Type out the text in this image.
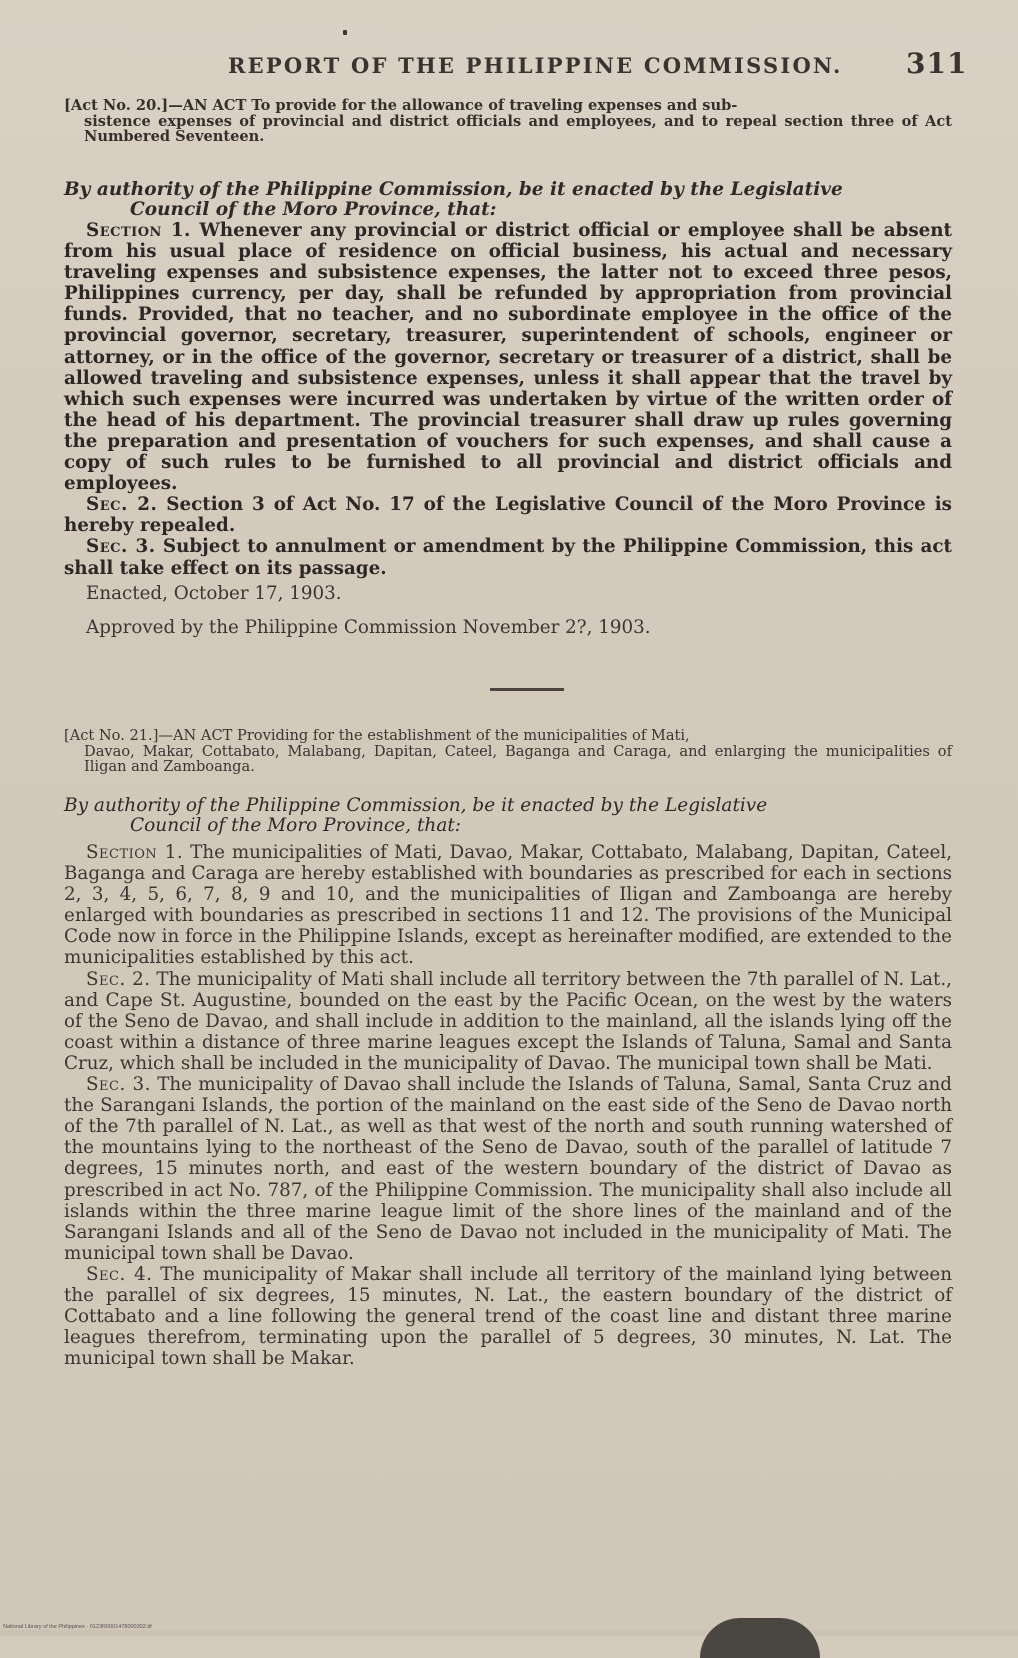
REPORT OF THE PHILIPPINE COMMISSION. 311

[Act No. 20.]—AN ACT To provide for the allowance of traveling expenses and sub-
sistence expenses of provincial and district officials and employees, and to repeal section three of Act Numbered Seventeen.

By authority of the Philippine Commission, be it enacted by the Legislative
Council of the Moro Province, that:

Section 1. Whenever any provincial or district official or employee shall be absent from his usual place of residence on official business, his actual and necessary traveling expenses and subsistence expenses, the latter not to exceed three pesos, Philippines currency, per day, shall be refunded by appropriation from provincial funds. Provided, that no teacher, and no subordinate employee in the office of the provincial governor, secretary, treasurer, superintendent of schools, engineer or attorney, or in the office of the governor, secretary or treasurer of a district, shall be allowed traveling and subsistence expenses, unless it shall appear that the travel by which such expenses were incurred was undertaken by virtue of the written order of the head of his department. The provincial treasurer shall draw up rules governing the preparation and presentation of vouchers for such expenses, and shall cause a copy of such rules to be furnished to all provincial and district officials and employees.

Sec. 2. Section 3 of Act No. 17 of the Legislative Council of the Moro Province is hereby repealed.

Sec. 3. Subject to annulment or amendment by the Philippine Commission, this act shall take effect on its passage.

Enacted, October 17, 1903.

Approved by the Philippine Commission November 2?, 1903.

[Act No. 21.]—AN ACT Providing for the establishment of the municipalities of Mati,
Davao, Makar, Cottabato, Malabang, Dapitan, Cateel, Baganga and Caraga, and enlarging the municipalities of Iligan and Zamboanga.

By authority of the Philippine Commission, be it enacted by the Legislative
Council of the Moro Province, that:

Section 1. The municipalities of Mati, Davao, Makar, Cottabato, Malabang, Dapitan, Cateel, Baganga and Caraga are hereby established with boundaries as prescribed for each in sections 2, 3, 4, 5, 6, 7, 8, 9 and 10, and the municipalities of Iligan and Zamboanga are hereby enlarged with boundaries as prescribed in sections 11 and 12. The provisions of the Municipal Code now in force in the Philippine Islands, except as hereinafter modified, are extended to the municipalities established by this act.

Sec. 2. The municipality of Mati shall include all territory between the 7th parallel of N. Lat., and Cape St. Augustine, bounded on the east by the Pacific Ocean, on the west by the waters of the Seno de Davao, and shall include in addition to the mainland, all the islands lying off the coast within a distance of three marine leagues except the Islands of Taluna, Samal and Santa Cruz, which shall be included in the municipality of Davao. The municipal town shall be Mati.

Sec. 3. The municipality of Davao shall include the Islands of Taluna, Samal, Santa Cruz and the Sarangani Islands, the portion of the mainland on the east side of the Seno de Davao north of the 7th parallel of N. Lat., as well as that west of the north and south running watershed of the mountains lying to the northeast of the Seno de Davao, south of the parallel of latitude 7 degrees, 15 minutes north, and east of the western boundary of the district of Davao as prescribed in act No. 787, of the Philippine Commission. The municipality shall also include all islands within the three marine league limit of the shore lines of the mainland and of the Sarangani Islands and all of the Seno de Davao not included in the municipality of Mati. The municipal town shall be Davao.

Sec. 4. The municipality of Makar shall include all territory of the mainland lying between the parallel of six degrees, 15 minutes, N. Lat., the eastern boundary of the district of Cottabato and a line following the general trend of the coast line and distant three marine leagues therefrom, terminating upon the parallel of 5 degrees, 30 minutes, N. Lat. The municipal town shall be Makar.

National Library of the Philippines · 0123R0001478000302.tif
